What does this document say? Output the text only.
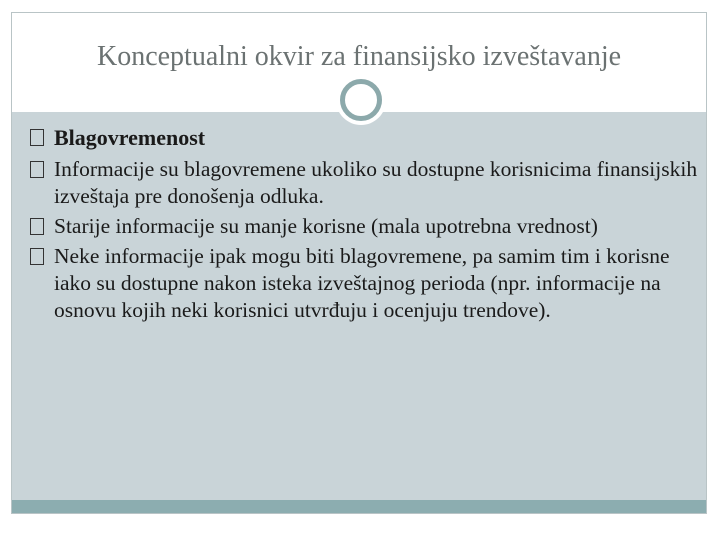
Konceptualni okvir za finansijsko izveštavanje
Blagovremenost
Informacije su blagovremene ukoliko su dostupne korisnicima finansijskih izveštaja pre donošenja odluka.
Starije informacije su manje korisne (mala upotrebna vrednost)
Neke informacije ipak mogu biti blagovremene, pa samim tim i korisne iako su dostupne nakon isteka izveštajnog perioda (npr. informacije na osnovu kojih neki korisnici utvrđuju i ocenjuju trendove).
